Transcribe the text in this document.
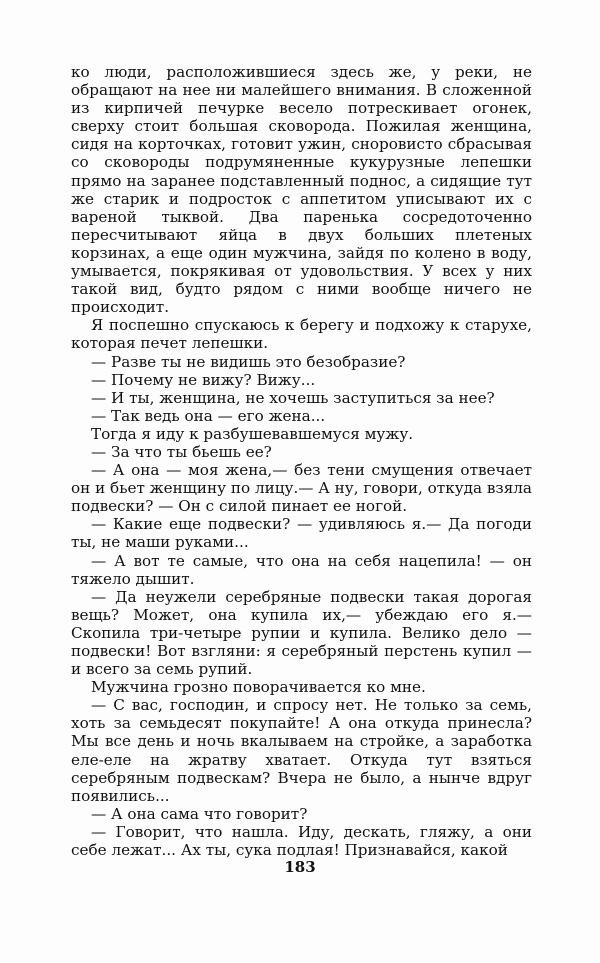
ко люди, расположившиеся здесь же, у реки, не обращают на нее ни малейшего внимания. В сложенной из кирпичей печурке весело потрескивает огонек, сверху стоит большая сковорода. Пожилая женщина, сидя на корточках, готовит ужин, сноровисто сбрасывая со сковороды подрумяненные кукурузные лепешки прямо на заранее подставленный поднос, а сидящие тут же старик и подросток с аппетитом уписывают их с вареной тыквой. Два паренька сосредоточенно пересчитывают яйца в двух больших плетеных корзинах, а еще один мужчина, зайдя по колено в воду, умывается, покрякивая от удовольствия. У всех у них такой вид, будто рядом с ними вообще ничего не происходит.

Я поспешно спускаюсь к берегу и подхожу к старухе, которая печет лепешки.

— Разве ты не видишь это безобразие?

— Почему не вижу? Вижу...

— И ты, женщина, не хочешь заступиться за нее?

— Так ведь она — его жена...

Тогда я иду к разбушевавшемуся мужу.

— За что ты бьешь ее?

— А она — моя жена,— без тени смущения отвечает он и бьет женщину по лицу.— А ну, говори, откуда взяла подвески? — Он с силой пинает ее ногой.

— Какие еще подвески? — удивляюсь я.— Да погоди ты, не маши руками...

— А вот те самые, что она на себя нацепила! — он тяжело дышит.

— Да неужели серебряные подвески такая дорогая вещь? Может, она купила их,— убеждаю его я.— Скопила три-четыре рупии и купила. Велико дело — подвески! Вот взгляни: я серебряный перстень купил — и всего за семь рупий.

Мужчина грозно поворачивается ко мне.

— С вас, господин, и спросу нет. Не только за семь, хоть за семьдесят покупайте! А она откуда принесла? Мы все день и ночь вкалываем на стройке, а заработка еле-еле на жратву хватает. Откуда тут взяться серебряным подвескам? Вчера не было, а нынче вдруг появились...

— А она сама что говорит?

— Говорит, что нашла. Иду, дескать, гляжу, а они себе лежат... Ах ты, сука подлая! Признавайся, какой

183
